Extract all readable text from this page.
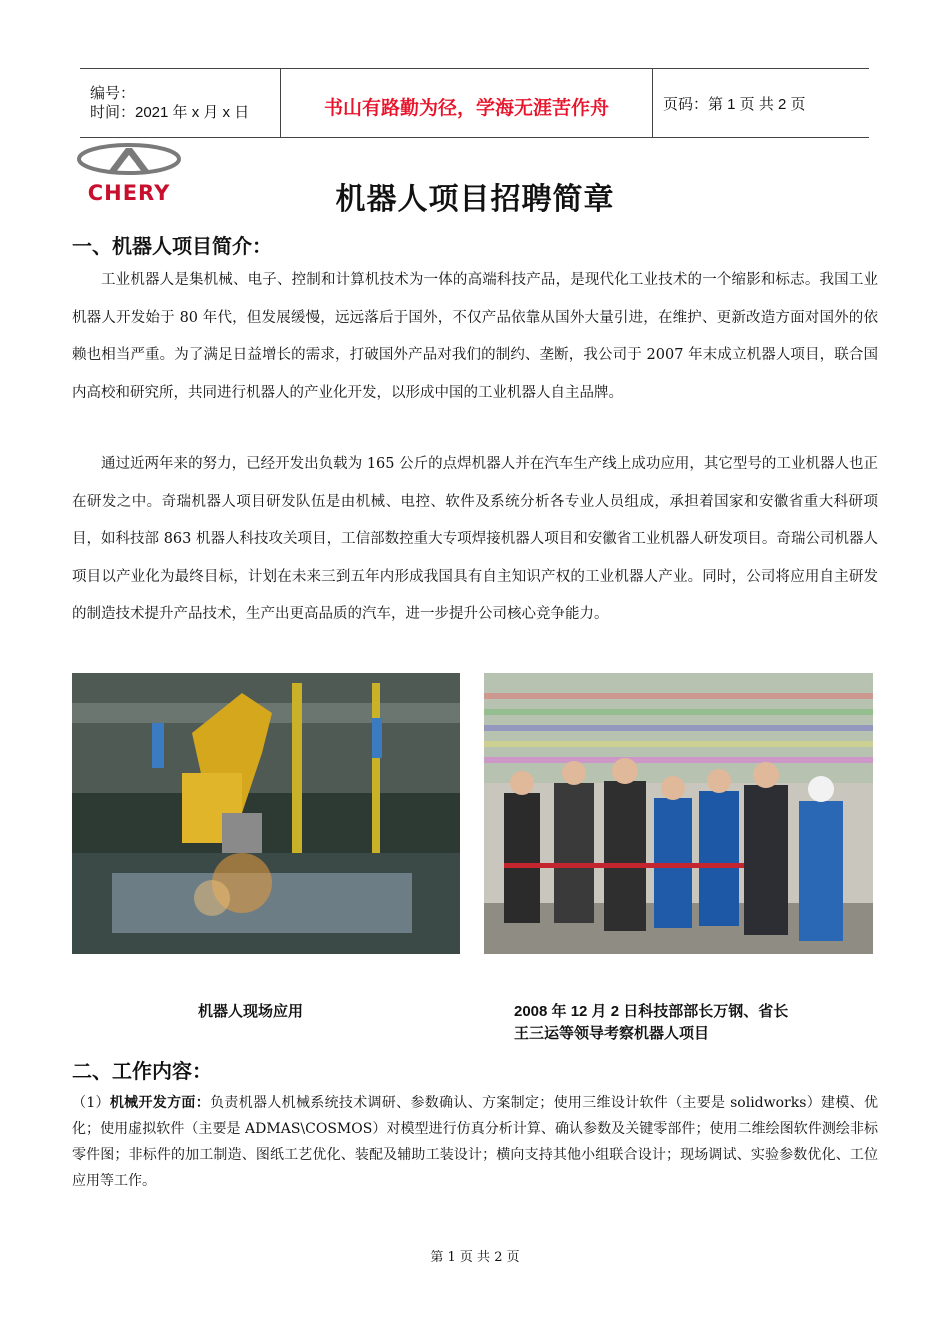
编号：
时间：2021 年 x 月 x 日	书山有路勤为径，学海无涯苦作舟	页码：第 1 页 共 2 页
CHERY	机器人项目招聘简章
一、机器人项目简介：

工业机器人是集机械、电子、控制和计算机技术为一体的高端科技产品，是现代化工业技术的一个缩影和标志。我国工业机器人开发始于 80 年代，但发展缓慢，远远落后于国外，不仅产品依靠从国外大量引进，在维护、更新改造方面对国外的依赖也相当严重。为了满足日益增长的需求，打破国外产品对我们的制约、垄断，我公司于 2007 年末成立机器人项目，联合国内高校和研究所，共同进行机器人的产业化开发，以形成中国的工业机器人自主品牌。

通过近两年来的努力，已经开发出负载为 165 公斤的点焊机器人并在汽车生产线上成功应用，其它型号的工业机器人也正在研发之中。奇瑞机器人项目研发队伍是由机械、电控、软件及系统分析各专业人员组成，承担着国家和安徽省重大科研项目，如科技部 863 机器人科技攻关项目，工信部数控重大专项焊接机器人项目和安徽省工业机器人研发项目。奇瑞公司机器人项目以产业化为最终目标，计划在未来三到五年内形成我国具有自主知识产权的工业机器人产业。同时，公司将应用自主研发的制造技术提升产品技术，生产出更高品质的汽车，进一步提升公司核心竞争能力。

机器人现场应用	2008 年 12 月 2 日科技部部长万钢、省长
王三运等领导考察机器人项目
二、工作内容：

（1）机械开发方面：负责机器人机械系统技术调研、参数确认、方案制定；使用三维设计软件（主要是 solidworks）建模、优化；使用虚拟软件（主要是 ADMAS\COSMOS）对模型进行仿真分析计算、确认参数及关键零部件；使用二维绘图软件测绘非标零件图；非标件的加工制造、图纸工艺优化、装配及辅助工装设计；横向支持其他小组联合设计；现场调试、实验参数优化、工位应用等工作。

第 1 页 共 2 页
